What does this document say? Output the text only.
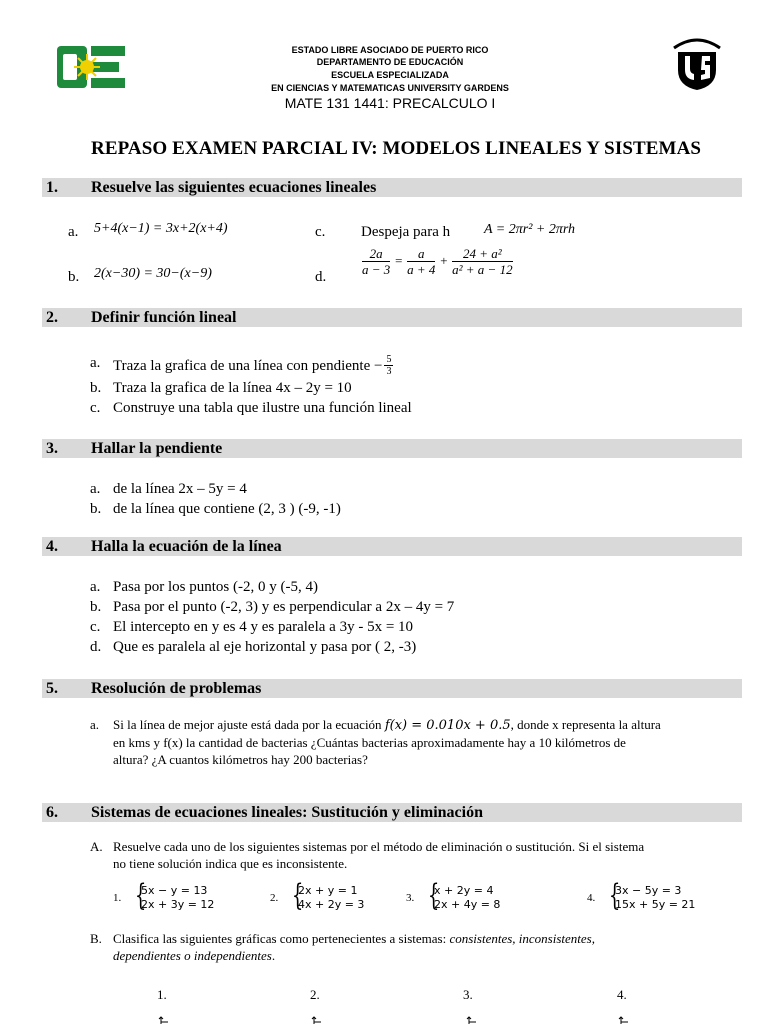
ESTADO LIBRE ASOCIADO DE PUERTO RICO
DEPARTAMENTO DE EDUCACIÓN
ESCUELA ESPECIALIZADA
EN CIENCIAS Y MATEMATICAS UNIVERSITY GARDENS
MATE 131 1441: PRECALCULO I
REPASO EXAMEN PARCIAL IV: MODELOS LINEALES Y SISTEMAS
1. Resuelve las siguientes ecuaciones lineales
a. 5+4(x−1) = 3x+2(x+4)
b. 2(x−30) = 30−(x−9)
c. Despeja para h A = 2πr² + 2πrh
d.	$\frac{2a}{a - 3} = \frac{a}{a + 4} + \frac{\text{24 + a²}}{\text{a² + a − 12}}$
2. Definir función lineal
a. Traza la grafica de una línea con pendiente − $\frac{5}{3}$
b. Traza la grafica de la línea 4x – 2y = 10
c. Construye una tabla que ilustre una función lineal
3. Hallar la pendiente
a. de la línea 2x – 5y = 4
b. de la línea que contiene (2, 3 ) (-9, -1)
4. Halla la ecuación de la línea
a. Pasa por los puntos (-2, 0 y (-5, 4)
b. Pasa por el punto (-2, 3) y es perpendicular a 2x – 4y = 7
c. El intercepto en y es 4 y es paralela a 3y - 5x = 10
d. Que es paralela al eje horizontal y pasa por ( 2, -3)
5. Resolución de problemas
a. Si la línea de mejor ajuste está dada por la ecuación f(x) = 0.010x + 0.5, donde x representa la altura
en kms y f(x) la cantidad de bacterias ¿Cuántas bacterias aproximadamente hay a 10 kilómetros de
altura? ¿A cuantos kilómetros hay 200 bacterias?
6. Sistemas de ecuaciones lineales: Sustitución y eliminación
A. Resuelve cada uno de los siguientes sistemas por el método de eliminación o sustitución. Si el sistema
no tiene solución indica que es inconsistente.
1. {
5x − y = 13
2x + 3y = 12	2. {
2x + y = 1
4x + 2y = 3	3. {
x + 2y = 4
2x + 4y = 8	4. {
3x − 5y = 3
15x + 5y = 21
B. Clasifica las siguientes gráficas como pertenecientes a sistemas: consistentes, inconsistentes,
dependientes o independientes.
1.	2.	3.	4.
